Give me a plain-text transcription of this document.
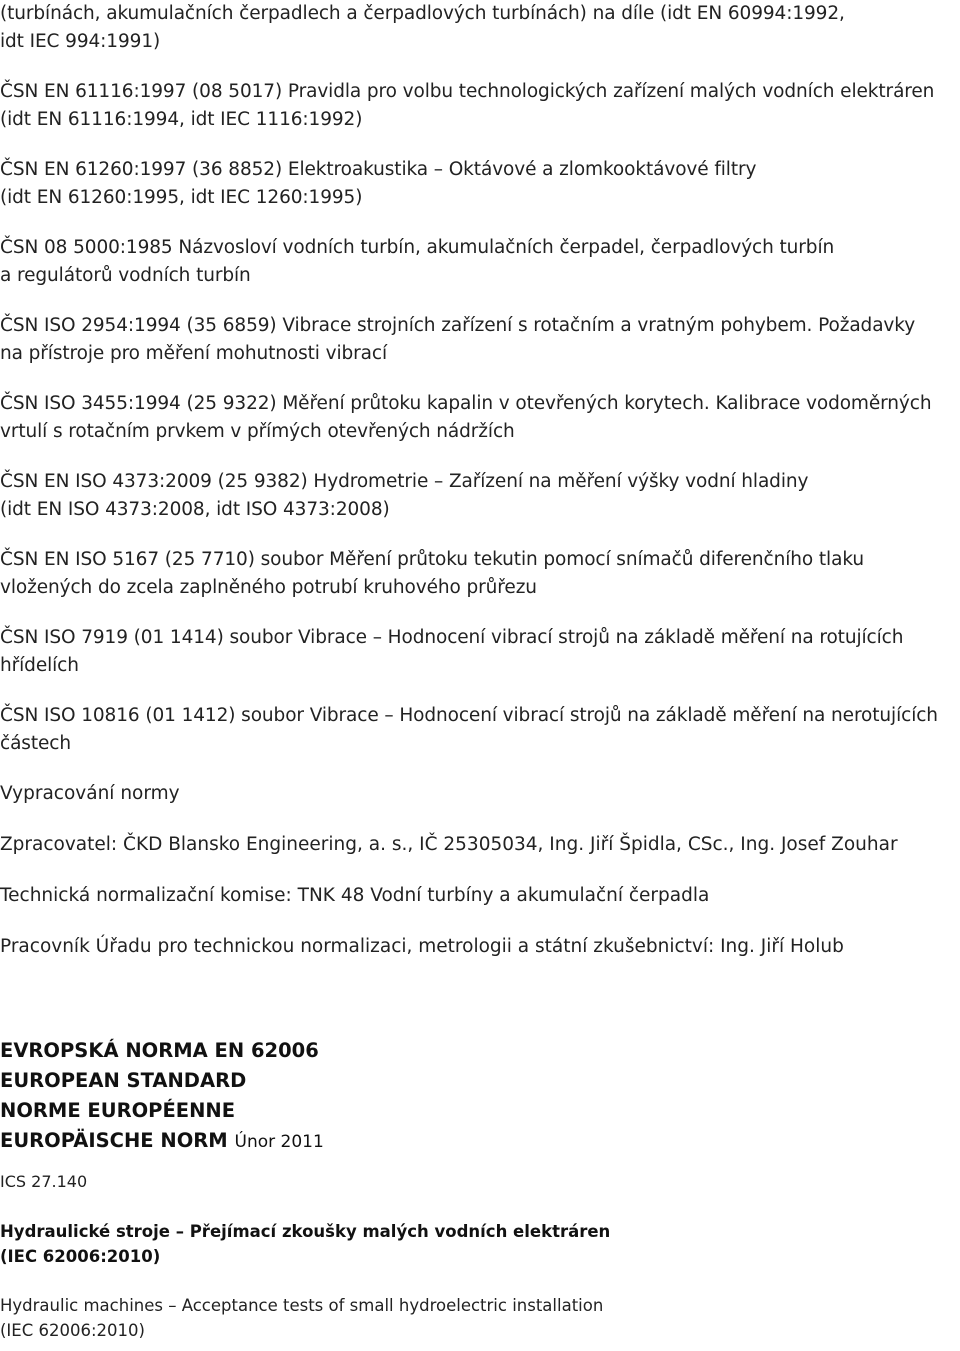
(turbínách, akumulačních čerpadlech a čerpadlových turbínách) na díle (idt EN 60994:1992,
idt IEC 994:1991)
ČSN EN 61116:1997 (08 5017) Pravidla pro volbu technologických zařízení malých vodních elektráren
(idt EN 61116:1994, idt IEC 1116:1992)
ČSN EN 61260:1997 (36 8852) Elektroakustika – Oktávové a zlomkooktávové filtry
(idt EN 61260:1995, idt IEC 1260:1995)
ČSN 08 5000:1985 Názvosloví vodních turbín, akumulačních čerpadel, čerpadlových turbín
a regulátorů vodních turbín
ČSN ISO 2954:1994 (35 6859) Vibrace strojních zařízení s rotačním a vratným pohybem. Požadavky
na přístroje pro měření mohutnosti vibrací
ČSN ISO 3455:1994 (25 9322) Měření průtoku kapalin v otevřených korytech. Kalibrace vodoměrných
vrtulí s rotačním prvkem v přímých otevřených nádržích
ČSN EN ISO 4373:2009 (25 9382) Hydrometrie – Zařízení na měření výšky vodní hladiny
(idt EN ISO 4373:2008, idt ISO 4373:2008)
ČSN EN ISO 5167 (25 7710) soubor Měření průtoku tekutin pomocí snímačů diferenčního tlaku
vložených do zcela zaplněného potrubí kruhového průřezu
ČSN ISO 7919 (01 1414) soubor Vibrace – Hodnocení vibrací strojů na základě měření na rotujících
hřídelích
ČSN ISO 10816 (01 1412) soubor Vibrace – Hodnocení vibrací strojů na základě měření na nerotujících
částech

Vypracování normy

Zpracovatel: ČKD Blansko Engineering, a. s., IČ 25305034, Ing. Jiří Špidla, CSc., Ing. Josef Zouhar

Technická normalizační komise: TNK 48 Vodní turbíny a akumulační čerpadla

Pracovník Úřadu pro technickou normalizaci, metrologii a státní zkušebnictví: Ing. Jiří Holub

EVROPSKÁ NORMA EN 62006

EUROPEAN STANDARD

NORME EUROPÉENNE

EUROPÄISCHE NORM Únor 2011

ICS 27.140

Hydraulické stroje – Přejímací zkoušky malých vodních elektráren
(IEC 62006:2010)
Hydraulic machines – Acceptance tests of small hydroelectric installation
(IEC 62006:2010)
